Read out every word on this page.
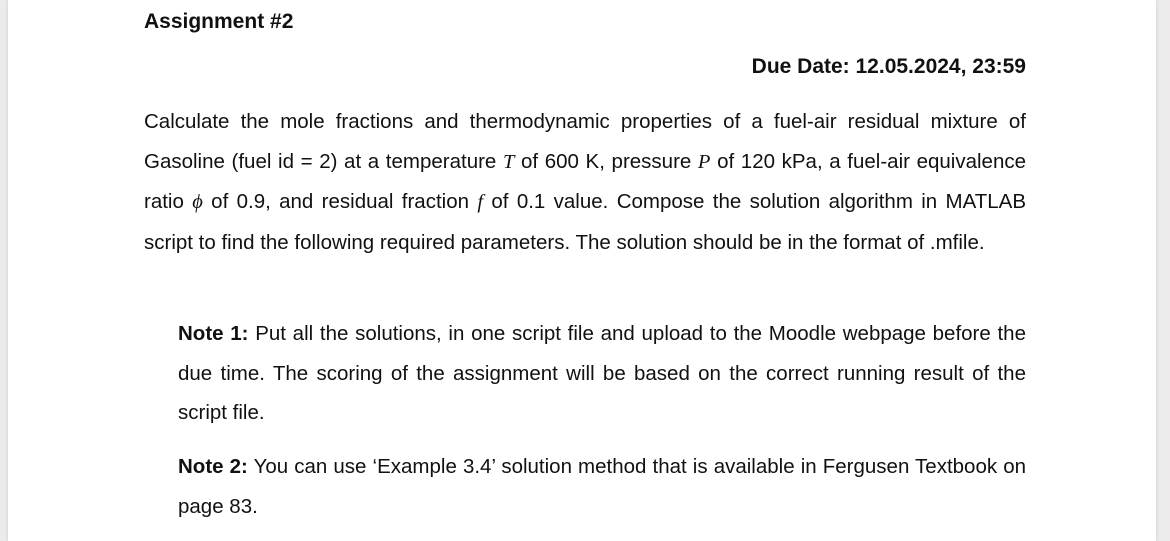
Assignment #2
Due Date: 12.05.2024, 23:59

Calculate the mole fractions and thermodynamic properties of a fuel-air residual mixture of Gasoline (fuel id = 2) at a temperature T of 600 K, pressure P of 120 kPa, a fuel-air equivalence ratio ϕ of 0.9, and residual fraction f of 0.1 value. Compose the solution algorithm in MATLAB script to find the following required parameters. The solution should be in the format of .mfile.

Note 1: Put all the solutions, in one script file and upload to the Moodle webpage before the due time. The scoring of the assignment will be based on the correct running result of the script file.

Note 2: You can use ‘Example 3.4’ solution method that is available in Fergusen Textbook on page 83.
